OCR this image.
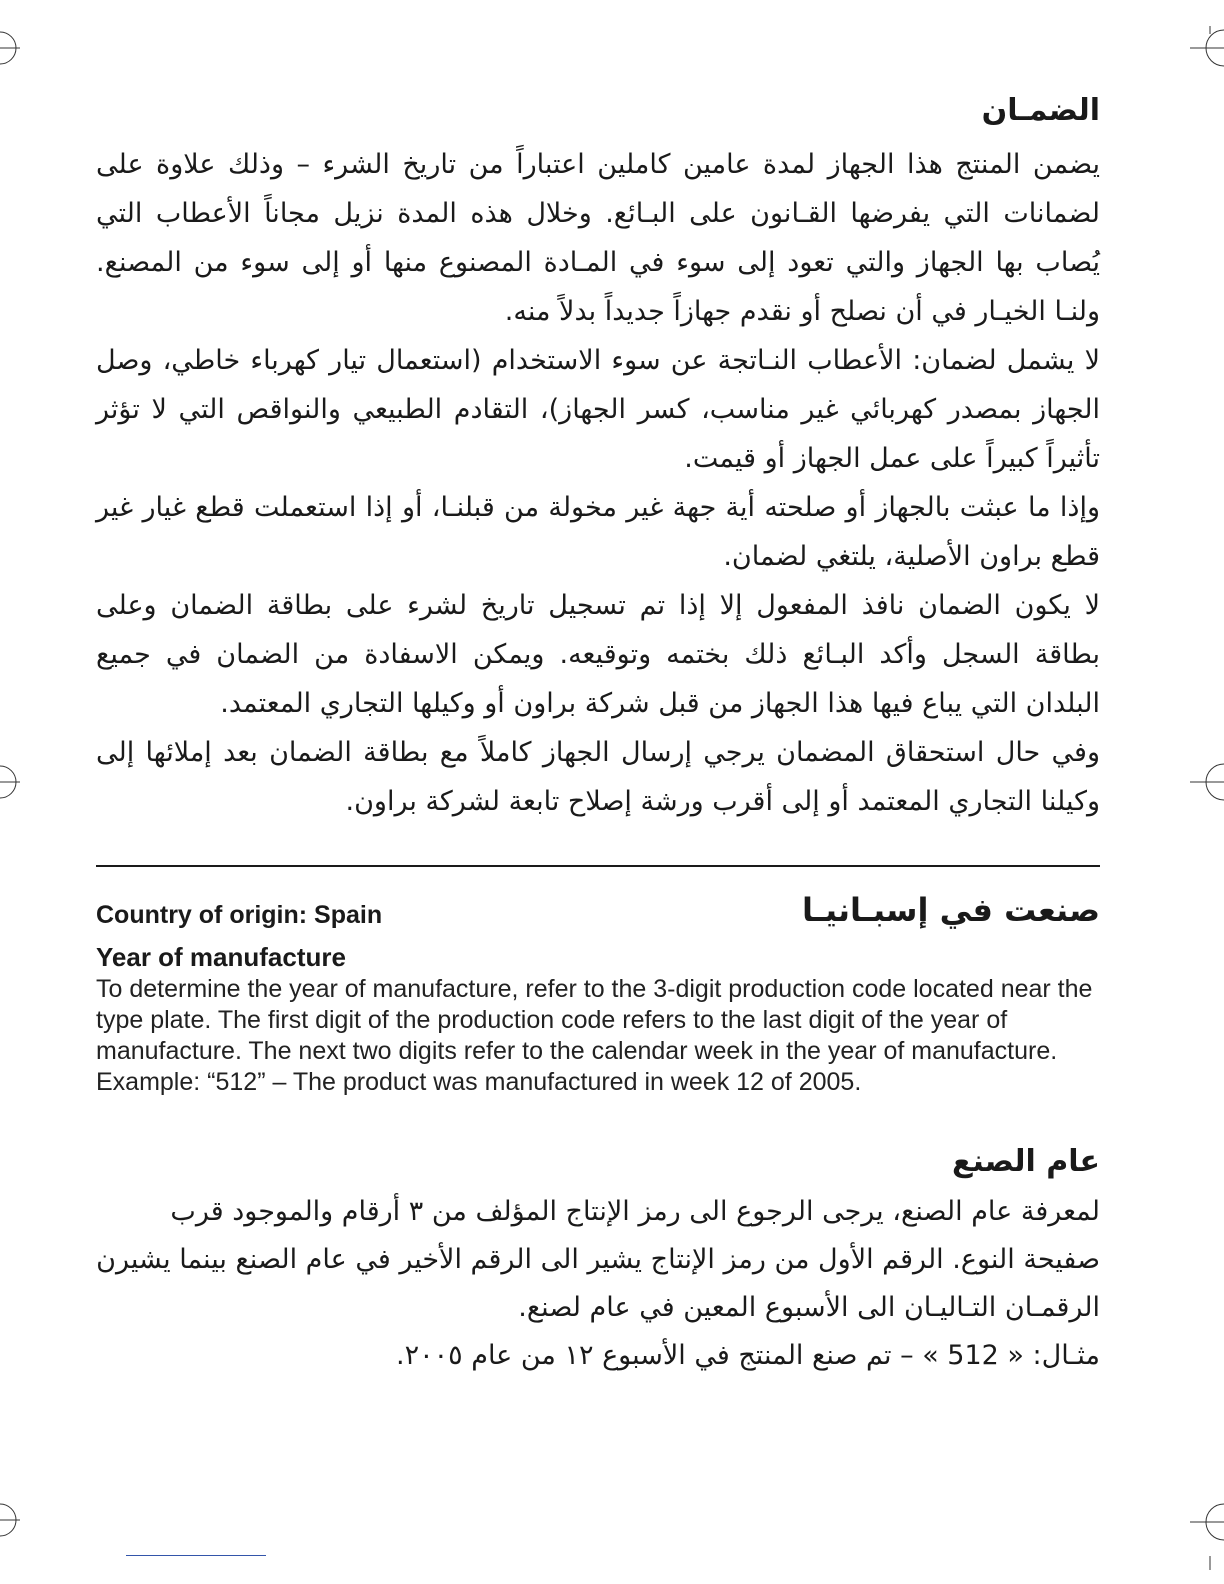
الضمـان

يضمن المنتج هذا الجهاز لمدة عامين كاملين اعتباراً من تاريخ الشرء – وذلك علاوة على لضمانات التي يفرضها القـانون على البـائع. وخلال هذه المدة نزيل مجاناً الأعطاب التي يُصاب بها الجهاز والتي تعود إلى سوء في المـادة المصنوع منها أو إلى سوء من المصنع. ولنـا الخيـار في أن نصلح أو نقدم جهازاً جديداً بدلاً منه.

لا يشمل لضمان: الأعطاب النـاتجة عن سوء الاستخدام (استعمال تيار كهرباء خاطي، وصل الجهاز بمصدر كهربائي غير مناسب، كسر الجهاز)، التقادم الطبيعي والنواقص التي لا تؤثر تأثيراً كبيراً على عمل الجهاز أو قيمت.

وإذا ما عبثت بالجهاز أو صلحته أية جهة غير مخولة من قبلنـا، أو إذا استعملت قطع غيار غير قطع براون الأصلية، يلتغي لضمان.

لا يكون الضمان نافذ المفعول إلا إذا تم تسجيل تاريخ لشرء على بطاقة الضمان وعلى بطاقة السجل وأكد البـائع ذلك بختمه وتوقيعه. ويمكن الاسفادة من الضمان في جميع البلدان التي يباع فيها هذا الجهاز من قبل شركة براون أو وكيلها التجاري المعتمد.

وفي حال استحقاق المضمان يرجي إرسال الجهاز كاملاً مع بطاقة الضمان بعد إملائها إلى وكيلنا التجاري المعتمد أو إلى أقرب ورشة إصلاح تابعة لشركة براون.

Country of origin: Spain	صنعت في إسبـانيـا
Year of manufacture

To determine the year of manufacture, refer to the 3-digit production code located near the type plate. The first digit of the production code refers to the last digit of the year of manufacture. The next two digits refer to the calendar week in the year of manufacture.

Example: “512” – The product was manufactured in week 12 of 2005.

عام الصنع

لمعرفة عام الصنع، يرجى الرجوع الى رمز الإنتاج المؤلف من ٣ أرقام والموجود قرب صفيحة النوع. الرقم الأول من رمز الإنتاج يشير الى الرقم الأخير في عام الصنع بينما يشيرن الرقمـان التـاليـان الى الأسبوع المعين في عام لصنع.

مثـال: « 512 » – تم صنع المنتج في الأسبوع ١٢ من عام ٢٠٠٥.
